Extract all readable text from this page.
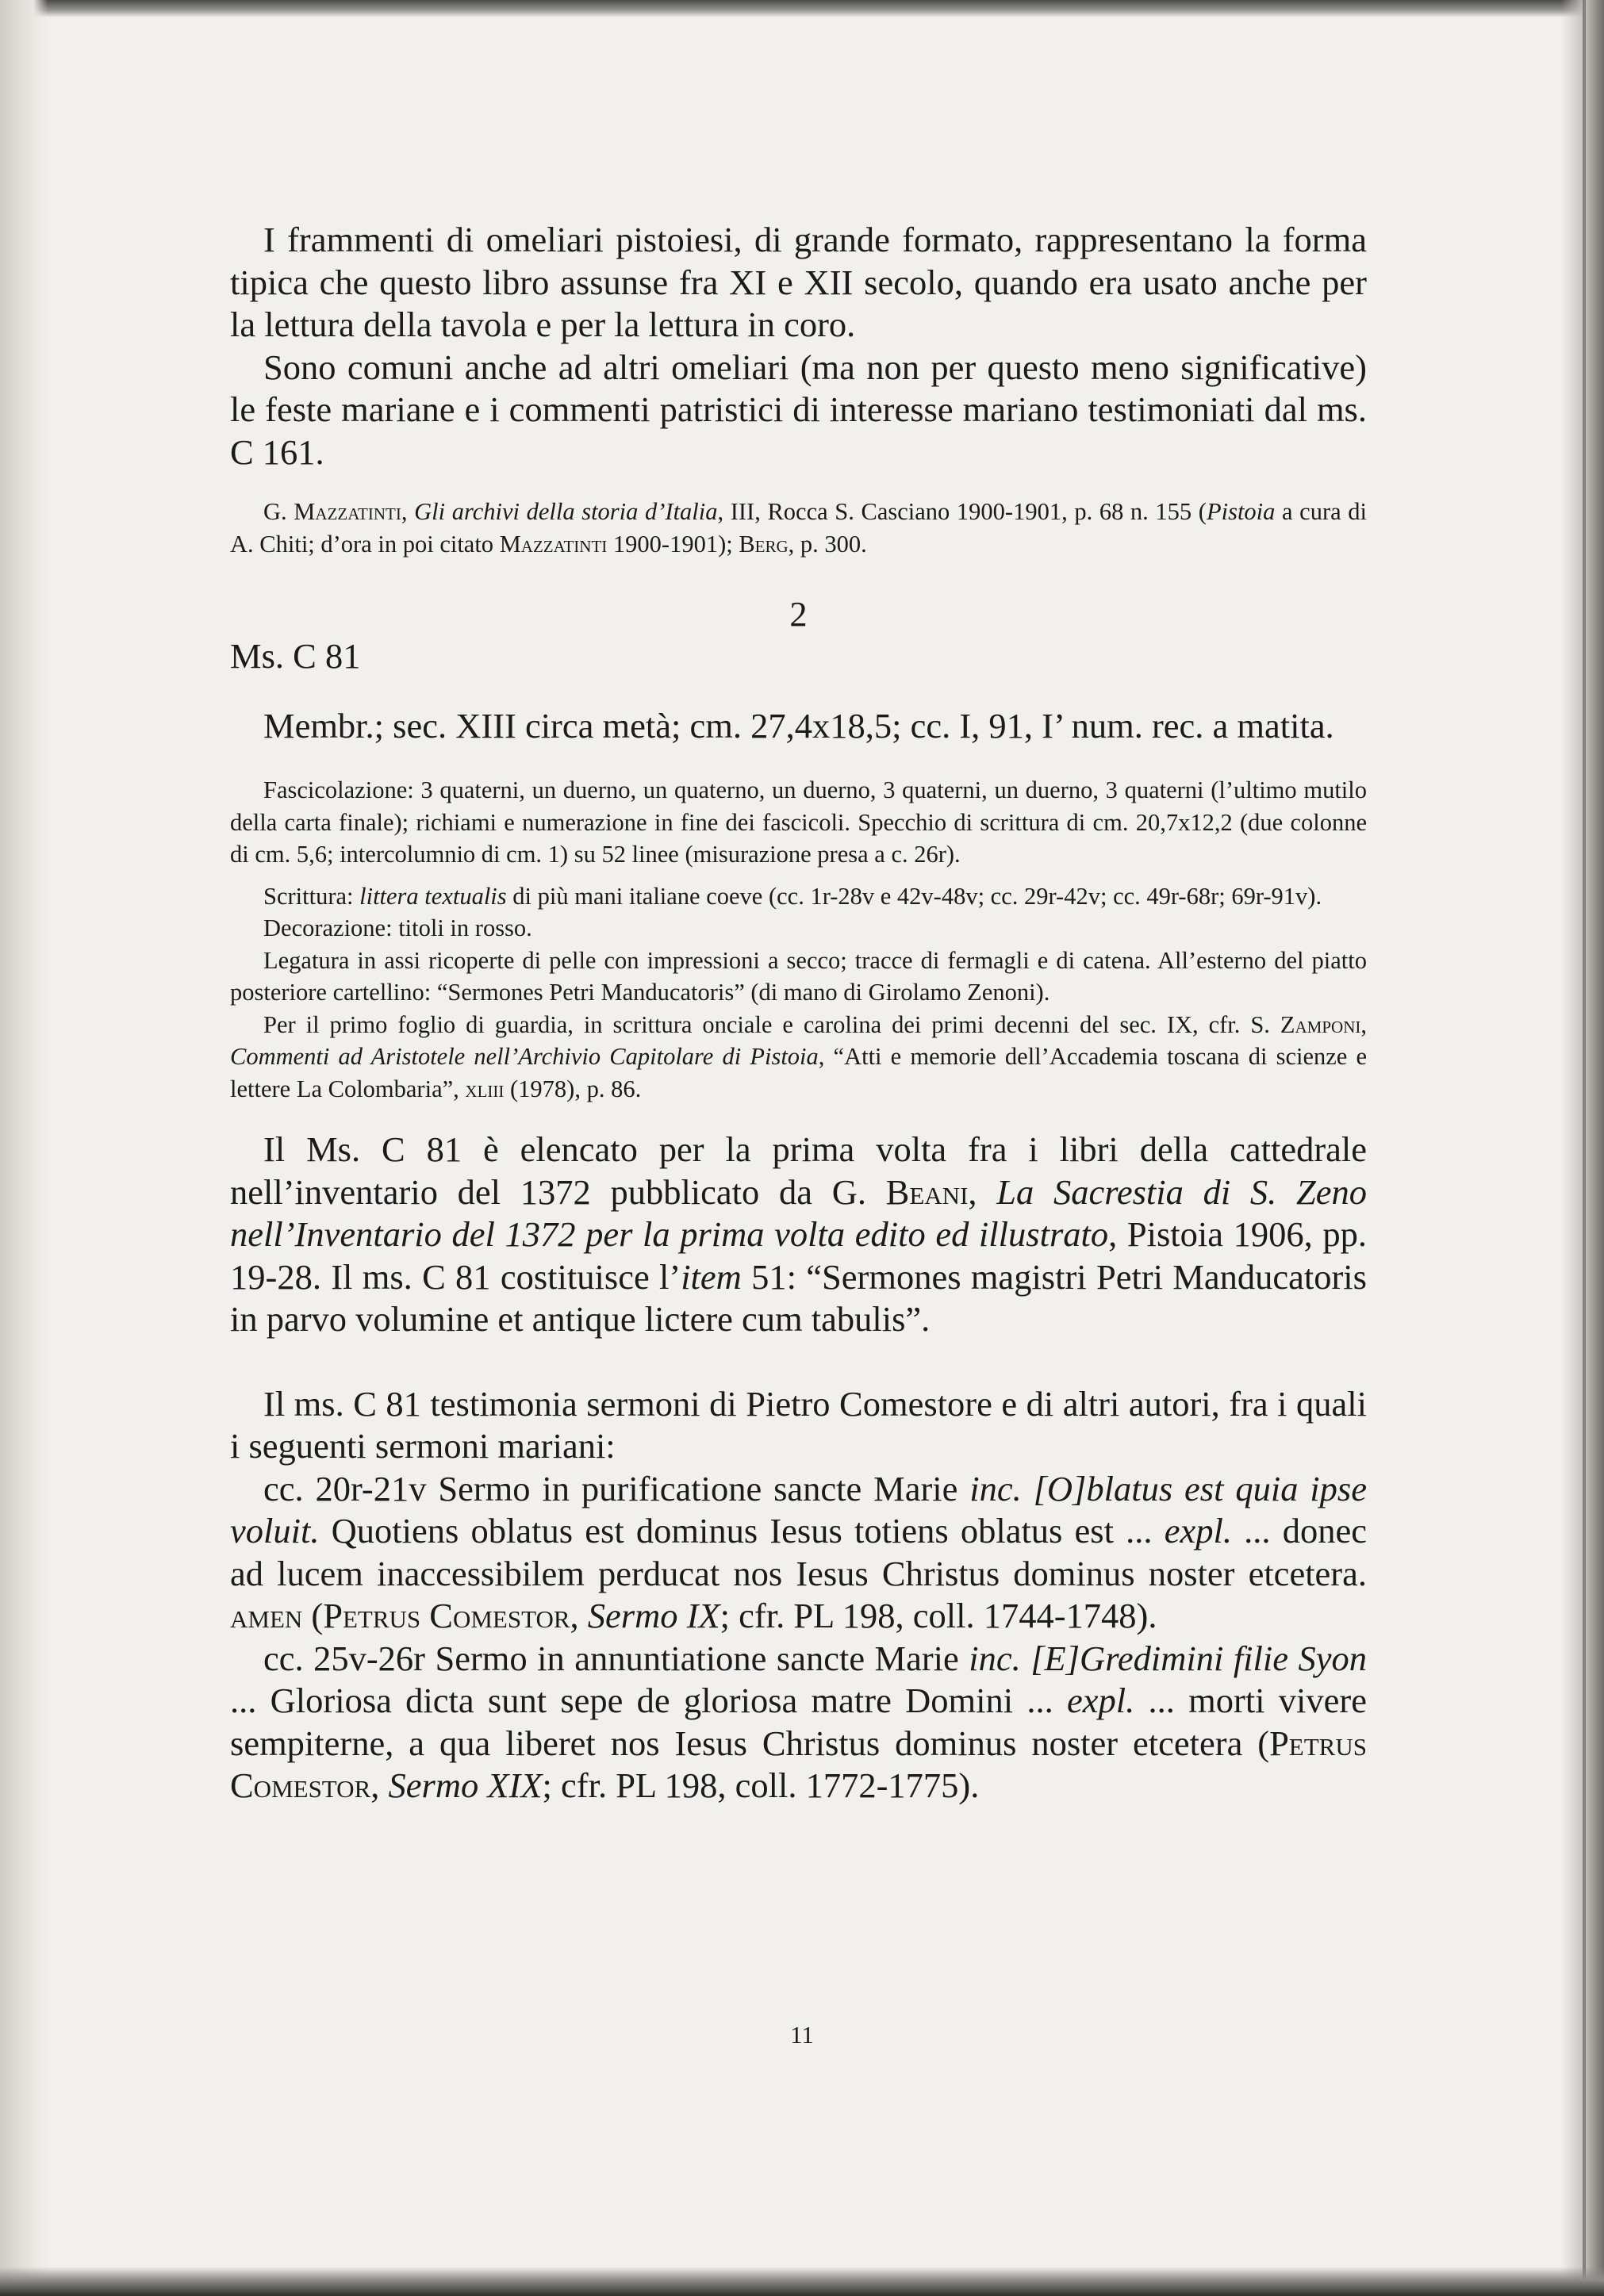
I frammenti di omeliari pistoiesi, di grande formato, rappresentano la forma tipica che questo libro assunse fra XI e XII secolo, quando era usato anche per la lettura della tavola e per la lettura in coro.

Sono comuni anche ad altri omeliari (ma non per questo meno significative) le feste mariane e i commenti patristici di interesse mariano testimoniati dal ms. C 161.

G. Mazzatinti, Gli archivi della storia d’Italia, III, Rocca S. Casciano 1900-1901, p. 68 n. 155 (Pistoia a cura di A. Chiti; d’ora in poi citato Mazzatinti 1900-1901); Berg, p. 300.

2

Ms. C 81

Membr.; sec. XIII circa metà; cm. 27,4x18,5; cc. I, 91, I’ num. rec. a matita.

Fascicolazione: 3 quaterni, un duerno, un quaterno, un duerno, 3 quaterni, un duerno, 3 quaterni (l’ultimo mutilo della carta finale); richiami e numerazione in fine dei fascicoli. Specchio di scrittura di cm. 20,7x12,2 (due colonne di cm. 5,6; intercolumnio di cm. 1) su 52 linee (misurazione presa a c. 26r).

Scrittura: littera textualis di più mani italiane coeve (cc. 1r-28v e 42v-48v; cc. 29r-42v; cc. 49r-68r; 69r-91v).

Decorazione: titoli in rosso.

Legatura in assi ricoperte di pelle con impressioni a secco; tracce di fermagli e di catena. All’esterno del piatto posteriore cartellino: “Sermones Petri Manducatoris” (di mano di Girolamo Zenoni).

Per il primo foglio di guardia, in scrittura onciale e carolina dei primi decenni del sec. IX, cfr. S. Zamponi, Commenti ad Aristotele nell’Archivio Capitolare di Pistoia, “Atti e memorie dell’Accademia toscana di scienze e lettere La Colombaria”, xliii (1978), p. 86.

Il Ms. C 81 è elencato per la prima volta fra i libri della cattedrale nell’inventario del 1372 pubblicato da G. Beani, La Sacrestia di S. Zeno nell’Inventario del 1372 per la prima volta edito ed illustrato, Pistoia 1906, pp. 19-28. Il ms. C 81 costituisce l’item 51: “Sermones magistri Petri Manducatoris in parvo volumine et antique lictere cum tabulis”.

Il ms. C 81 testimonia sermoni di Pietro Comestore e di altri autori, fra i quali i seguenti sermoni mariani:

cc. 20r-21v Sermo in purificatione sancte Marie inc. [O]blatus est quia ipse voluit. Quotiens oblatus est dominus Iesus totiens oblatus est ... expl. ... donec ad lucem inaccessibilem perducat nos Iesus Christus dominus noster etcetera. amen (Petrus Comestor, Sermo IX; cfr. PL 198, coll. 1744-1748).

cc. 25v-26r Sermo in annuntiatione sancte Marie inc. [E]Gredimini filie Syon ... Gloriosa dicta sunt sepe de gloriosa matre Domini ... expl. ... morti vivere sempiterne, a qua liberet nos Iesus Christus dominus noster etcetera (Petrus Comestor, Sermo XIX; cfr. PL 198, coll. 1772-1775).

11
